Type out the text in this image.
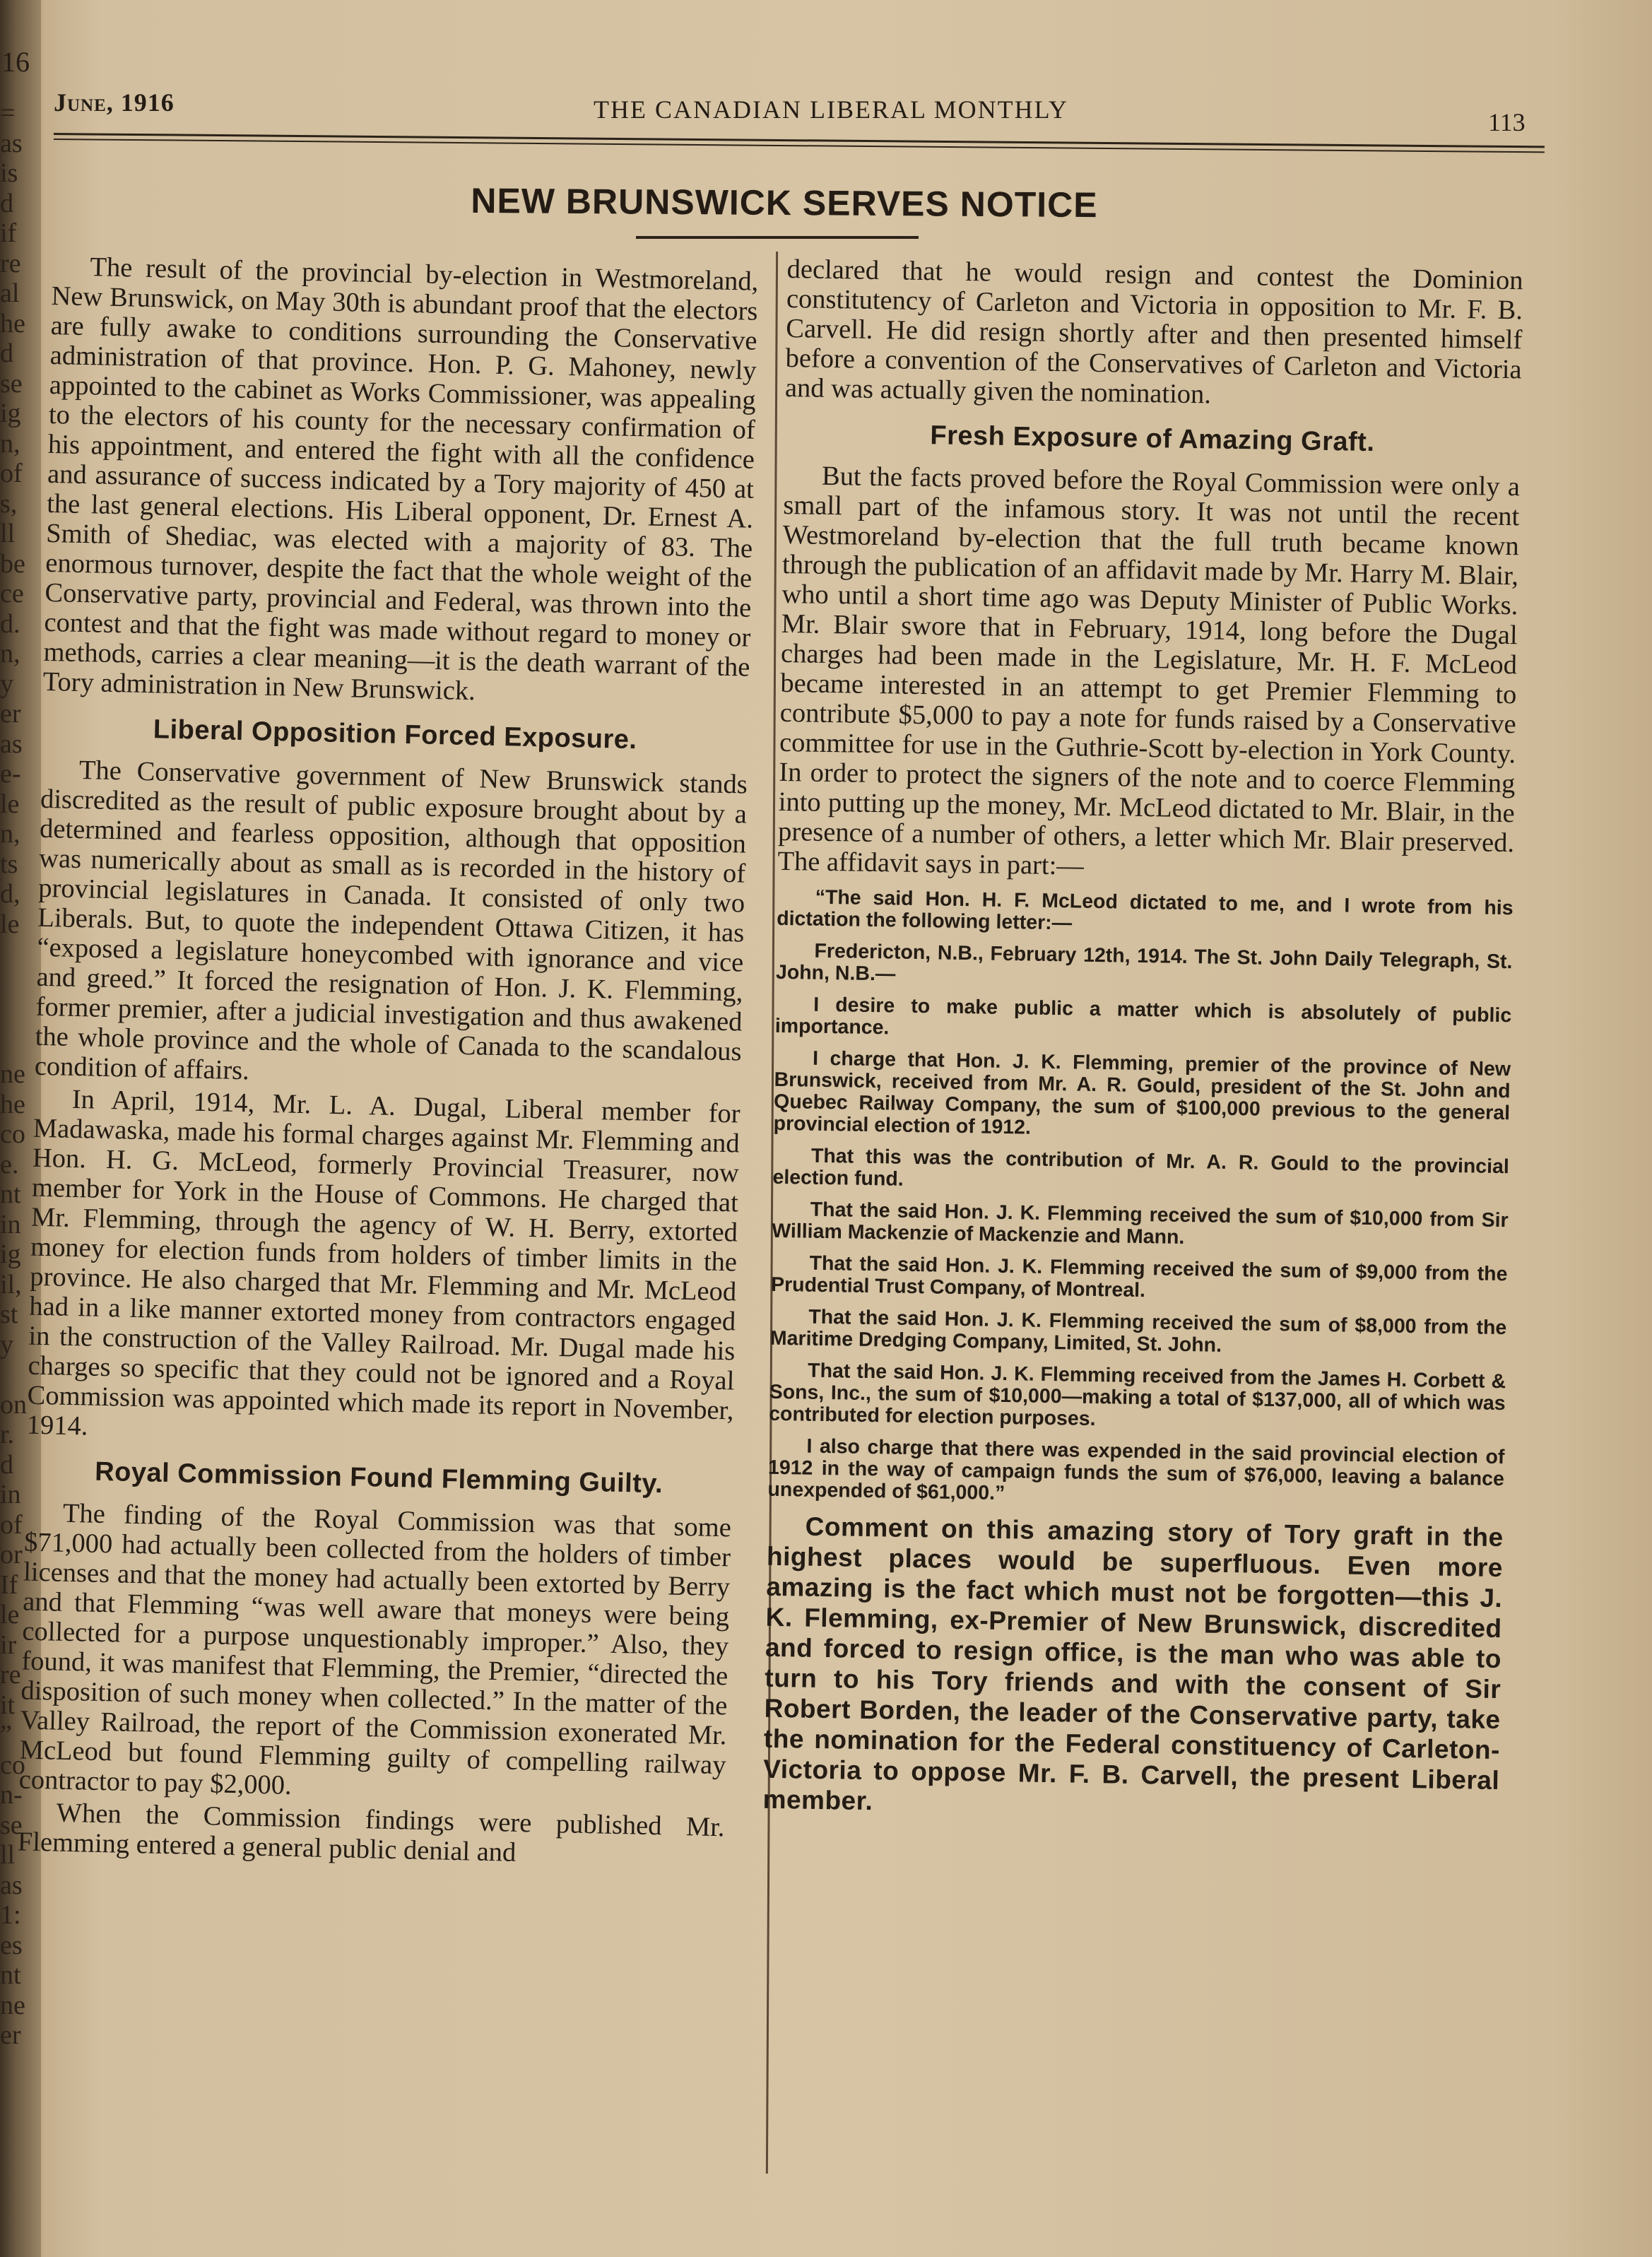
16
=
as
is
d
if
re
al
he
d
se
ig
n,
of
s,
ll
be
ce
d.
n,
y
er
as
e-
le
n,
ts
d,
le
ne
he
co
e.
nt
in
ig
il,
st
y
on
r.
d
in
of
or
If
le
ir
re
it
”
co
n-
se
ll
as
1:
es
nt
ne
er
June, 1916	THE CANADIAN LIBERAL MONTHLY	113
NEW BRUNSWICK SERVES NOTICE

The result of the provincial by-election in Westmoreland, New Brunswick, on May 30th is abundant proof that the electors are fully awake to conditions surrounding the Conservative administration of that province. Hon. P. G. Mahoney, newly appointed to the cabinet as Works Commissioner, was appealing to the electors of his county for the necessary confirmation of his appointment, and entered the fight with all the confidence and assurance of success indicated by a Tory majority of 450 at the last general elections. His Liberal opponent, Dr. Ernest A. Smith of Shediac, was elected with a majority of 83. The enormous turnover, despite the fact that the whole weight of the Conservative party, provincial and Federal, was thrown into the contest and that the fight was made without regard to money or methods, carries a clear meaning—it is the death warrant of the Tory administration in New Brunswick.

Liberal Opposition Forced Exposure.

The Conservative government of New Brunswick stands discredited as the result of public exposure brought about by a determined and fearless opposition, although that opposition was numerically about as small as is recorded in the history of provincial legislatures in Canada. It consisted of only two Liberals. But, to quote the independent Ottawa Citizen, it has “exposed a legislature honeycombed with ignorance and vice and greed.” It forced the resignation of Hon. J. K. Flemming, former premier, after a judicial investigation and thus awakened the whole province and the whole of Canada to the scandalous condition of affairs.

In April, 1914, Mr. L. A. Dugal, Liberal member for Madawaska, made his formal charges against Mr. Flemming and Hon. H. G. McLeod, formerly Provincial Treasurer, now member for York in the House of Commons. He charged that Mr. Flemming, through the agency of W. H. Berry, extorted money for election funds from holders of timber limits in the province. He also charged that Mr. Flemming and Mr. McLeod had in a like manner extorted money from contractors engaged in the construction of the Valley Railroad. Mr. Dugal made his charges so specific that they could not be ignored and a Royal Commission was appointed which made its report in November, 1914.

Royal Commission Found Flemming Guilty.

The finding of the Royal Commission was that some $71,000 had actually been collected from the holders of timber licenses and that the money had actually been extorted by Berry and that Flemming “was well aware that moneys were being collected for a purpose unquestionably improper.” Also, they found, it was manifest that Flemming, the Premier, “directed the disposition of such money when collected.” In the matter of the Valley Railroad, the report of the Commission exonerated Mr. McLeod but found Flemming guilty of compelling railway contractor to pay $2,000.

When the Commission findings were published Mr. Flemming entered a general public denial and

declared that he would resign and contest the Dominion constitutency of Carleton and Victoria in opposition to Mr. F. B. Carvell. He did resign shortly after and then presented himself before a convention of the Conservatives of Carleton and Victoria and was actually given the nomination.

Fresh Exposure of Amazing Graft.

But the facts proved before the Royal Commission were only a small part of the infamous story. It was not until the recent Westmoreland by-election that the full truth became known through the publication of an affidavit made by Mr. Harry M. Blair, who until a short time ago was Deputy Minister of Public Works. Mr. Blair swore that in February, 1914, long before the Dugal charges had been made in the Legislature, Mr. H. F. McLeod became interested in an attempt to get Premier Flemming to contribute $5,000 to pay a note for funds raised by a Conservative committee for use in the Guthrie-Scott by-election in York County. In order to protect the signers of the note and to coerce Flemming into putting up the money, Mr. McLeod dictated to Mr. Blair, in the presence of a number of others, a letter which Mr. Blair preserved. The affidavit says in part:—

“The said Hon. H. F. McLeod dictated to me, and I wrote from his dictation the following letter:—

Fredericton, N.B., February 12th, 1914. The St. John Daily Telegraph, St. John, N.B.—

I desire to make public a matter which is absolutely of public importance.

I charge that Hon. J. K. Flemming, premier of the province of New Brunswick, received from Mr. A. R. Gould, president of the St. John and Quebec Railway Company, the sum of $100,000 previous to the general provincial election of 1912.

That this was the contribution of Mr. A. R. Gould to the provincial election fund.

That the said Hon. J. K. Flemming received the sum of $10,000 from Sir William Mackenzie of Mackenzie and Mann.

That the said Hon. J. K. Flemming received the sum of $9,000 from the Prudential Trust Company, of Montreal.

That the said Hon. J. K. Flemming received the sum of $8,000 from the Maritime Dredging Company, Limited, St. John.

That the said Hon. J. K. Flemming received from the James H. Corbett & Sons, Inc., the sum of $10,000—making a total of $137,000, all of which was contributed for election purposes.

I also charge that there was expended in the said provincial election of 1912 in the way of campaign funds the sum of $76,000, leaving a balance unexpended of $61,000.”

Comment on this amazing story of Tory graft in the highest places would be superfluous. Even more amazing is the fact which must not be forgotten—this J. K. Flemming, ex-Premier of New Brunswick, discredited and forced to resign office, is the man who was able to turn to his Tory friends and with the consent of Sir Robert Borden, the leader of the Conservative party, take the nomination for the Federal constituency of Carleton-Victoria to oppose Mr. F. B. Carvell, the present Liberal member.
